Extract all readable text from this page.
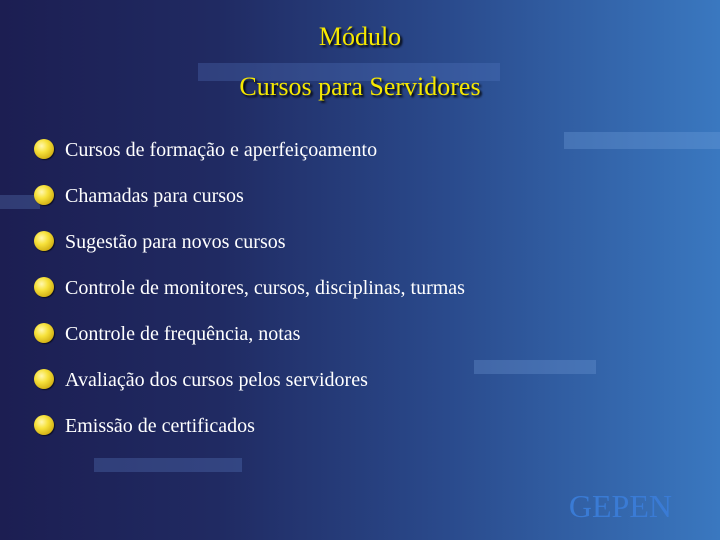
Módulo
Cursos para Servidores
Cursos de formação e aperfeiçoamento
Chamadas para cursos
Sugestão para novos cursos
Controle de monitores, cursos, disciplinas, turmas
Controle de frequência, notas
Avaliação dos cursos pelos servidores
Emissão de certificados
GEPEN
